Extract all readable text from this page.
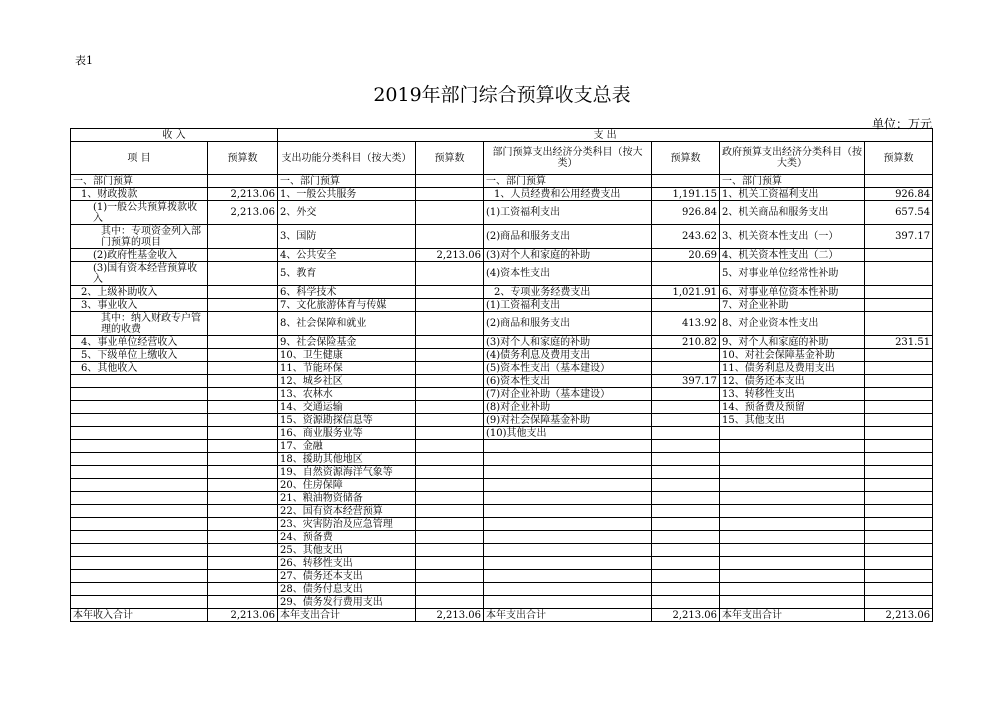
表1
2019年部门综合预算收支总表
单位：万元
收 入		支 出					
项 目	预算数	支出功能分类科目（按大类）	预算数	部门预算支出经济分类科目（按大类）	预算数	政府预算支出经济分类科目（按大类）	预算数
一、部门预算		一、部门预算		一、部门预算		一、部门预算	
1、财政拨款	2,213.06	1、一般公共服务		1、人员经费和公用经费支出	1,191.15	1、机关工资福利支出	926.84
(1)一般公共预算拨款收入	2,213.06	2、外交		(1)工资福利支出	926.84	2、机关商品和服务支出	657.54
其中：专项资金列入部门预算的项目		3、国防		(2)商品和服务支出	243.62	3、机关资本性支出（一）	397.17
(2)政府性基金收入		4、公共安全	2,213.06	(3)对个人和家庭的补助	20.69	4、机关资本性支出（二）	
(3)国有资本经营预算收入		5、教育		(4)资本性支出		5、对事业单位经常性补助	
2、上级补助收入		6、科学技术		2、专项业务经费支出	1,021.91	6、对事业单位资本性补助	
3、事业收入		7、文化旅游体育与传媒		(1)工资福利支出		7、对企业补助	
其中：纳入财政专户管理的收费		8、社会保障和就业		(2)商品和服务支出	413.92	8、对企业资本性支出	
4、事业单位经营收入		9、社会保险基金		(3)对个人和家庭的补助	210.82	9、对个人和家庭的补助	231.51
5、下级单位上缴收入		10、卫生健康		(4)债务利息及费用支出		10、对社会保障基金补助	
6、其他收入		11、节能环保		(5)资本性支出（基本建设）		11、债务利息及费用支出	
		12、城乡社区		(6)资本性支出	397.17	12、债务还本支出	
		13、农林水		(7)对企业补助（基本建设）		13、转移性支出	
		14、交通运输		(8)对企业补助		14、预备费及预留	
		15、资源勘探信息等		(9)对社会保障基金补助		15、其他支出	
		16、商业服务业等		(10)其他支出			
		17、金融					
		18、援助其他地区					
		19、自然资源海洋气象等					
		20、住房保障					
		21、粮油物资储备					
		22、国有资本经营预算					
		23、灾害防治及应急管理					
		24、预备费					
		25、其他支出					
		26、转移性支出					
		27、债务还本支出					
		28、债务付息支出					
		29、债务发行费用支出					
本年收入合计	2,213.06	本年支出合计	2,213.06	本年支出合计	2,213.06	本年支出合计	2,213.06
